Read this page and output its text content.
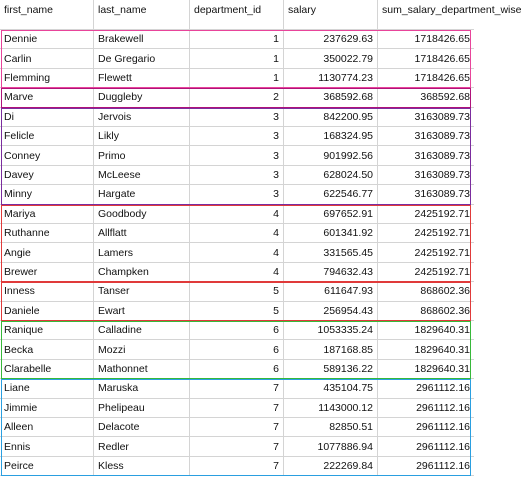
first_name	last_name	department_id	salary	sum_salary_department_wise
Dennie	Brakewell	1	237629.63	1718426.65
Carlin	De Gregario	1	350022.79	1718426.65
Flemming	Flewett	1	1130774.23	1718426.65
Marve	Duggleby	2	368592.68	368592.68
Di	Jervois	3	842200.95	3163089.73
Felicle	Likly	3	168324.95	3163089.73
Conney	Primo	3	901992.56	3163089.73
Davey	McLeese	3	628024.50	3163089.73
Minny	Hargate	3	622546.77	3163089.73
Mariya	Goodbody	4	697652.91	2425192.71
Ruthanne	Allflatt	4	601341.92	2425192.71
Angie	Lamers	4	331565.45	2425192.71
Brewer	Champken	4	794632.43	2425192.71
Inness	Tanser	5	611647.93	868602.36
Daniele	Ewart	5	256954.43	868602.36
Ranique	Calladine	6	1053335.24	1829640.31
Becka	Mozzi	6	187168.85	1829640.31
Clarabelle	Mathonnet	6	589136.22	1829640.31
Liane	Maruska	7	435104.75	2961112.16
Jimmie	Phelipeau	7	1143000.12	2961112.16
Alleen	Delacote	7	82850.51	2961112.16
Ennis	Redler	7	1077886.94	2961112.16
Peirce	Kless	7	222269.84	2961112.16
